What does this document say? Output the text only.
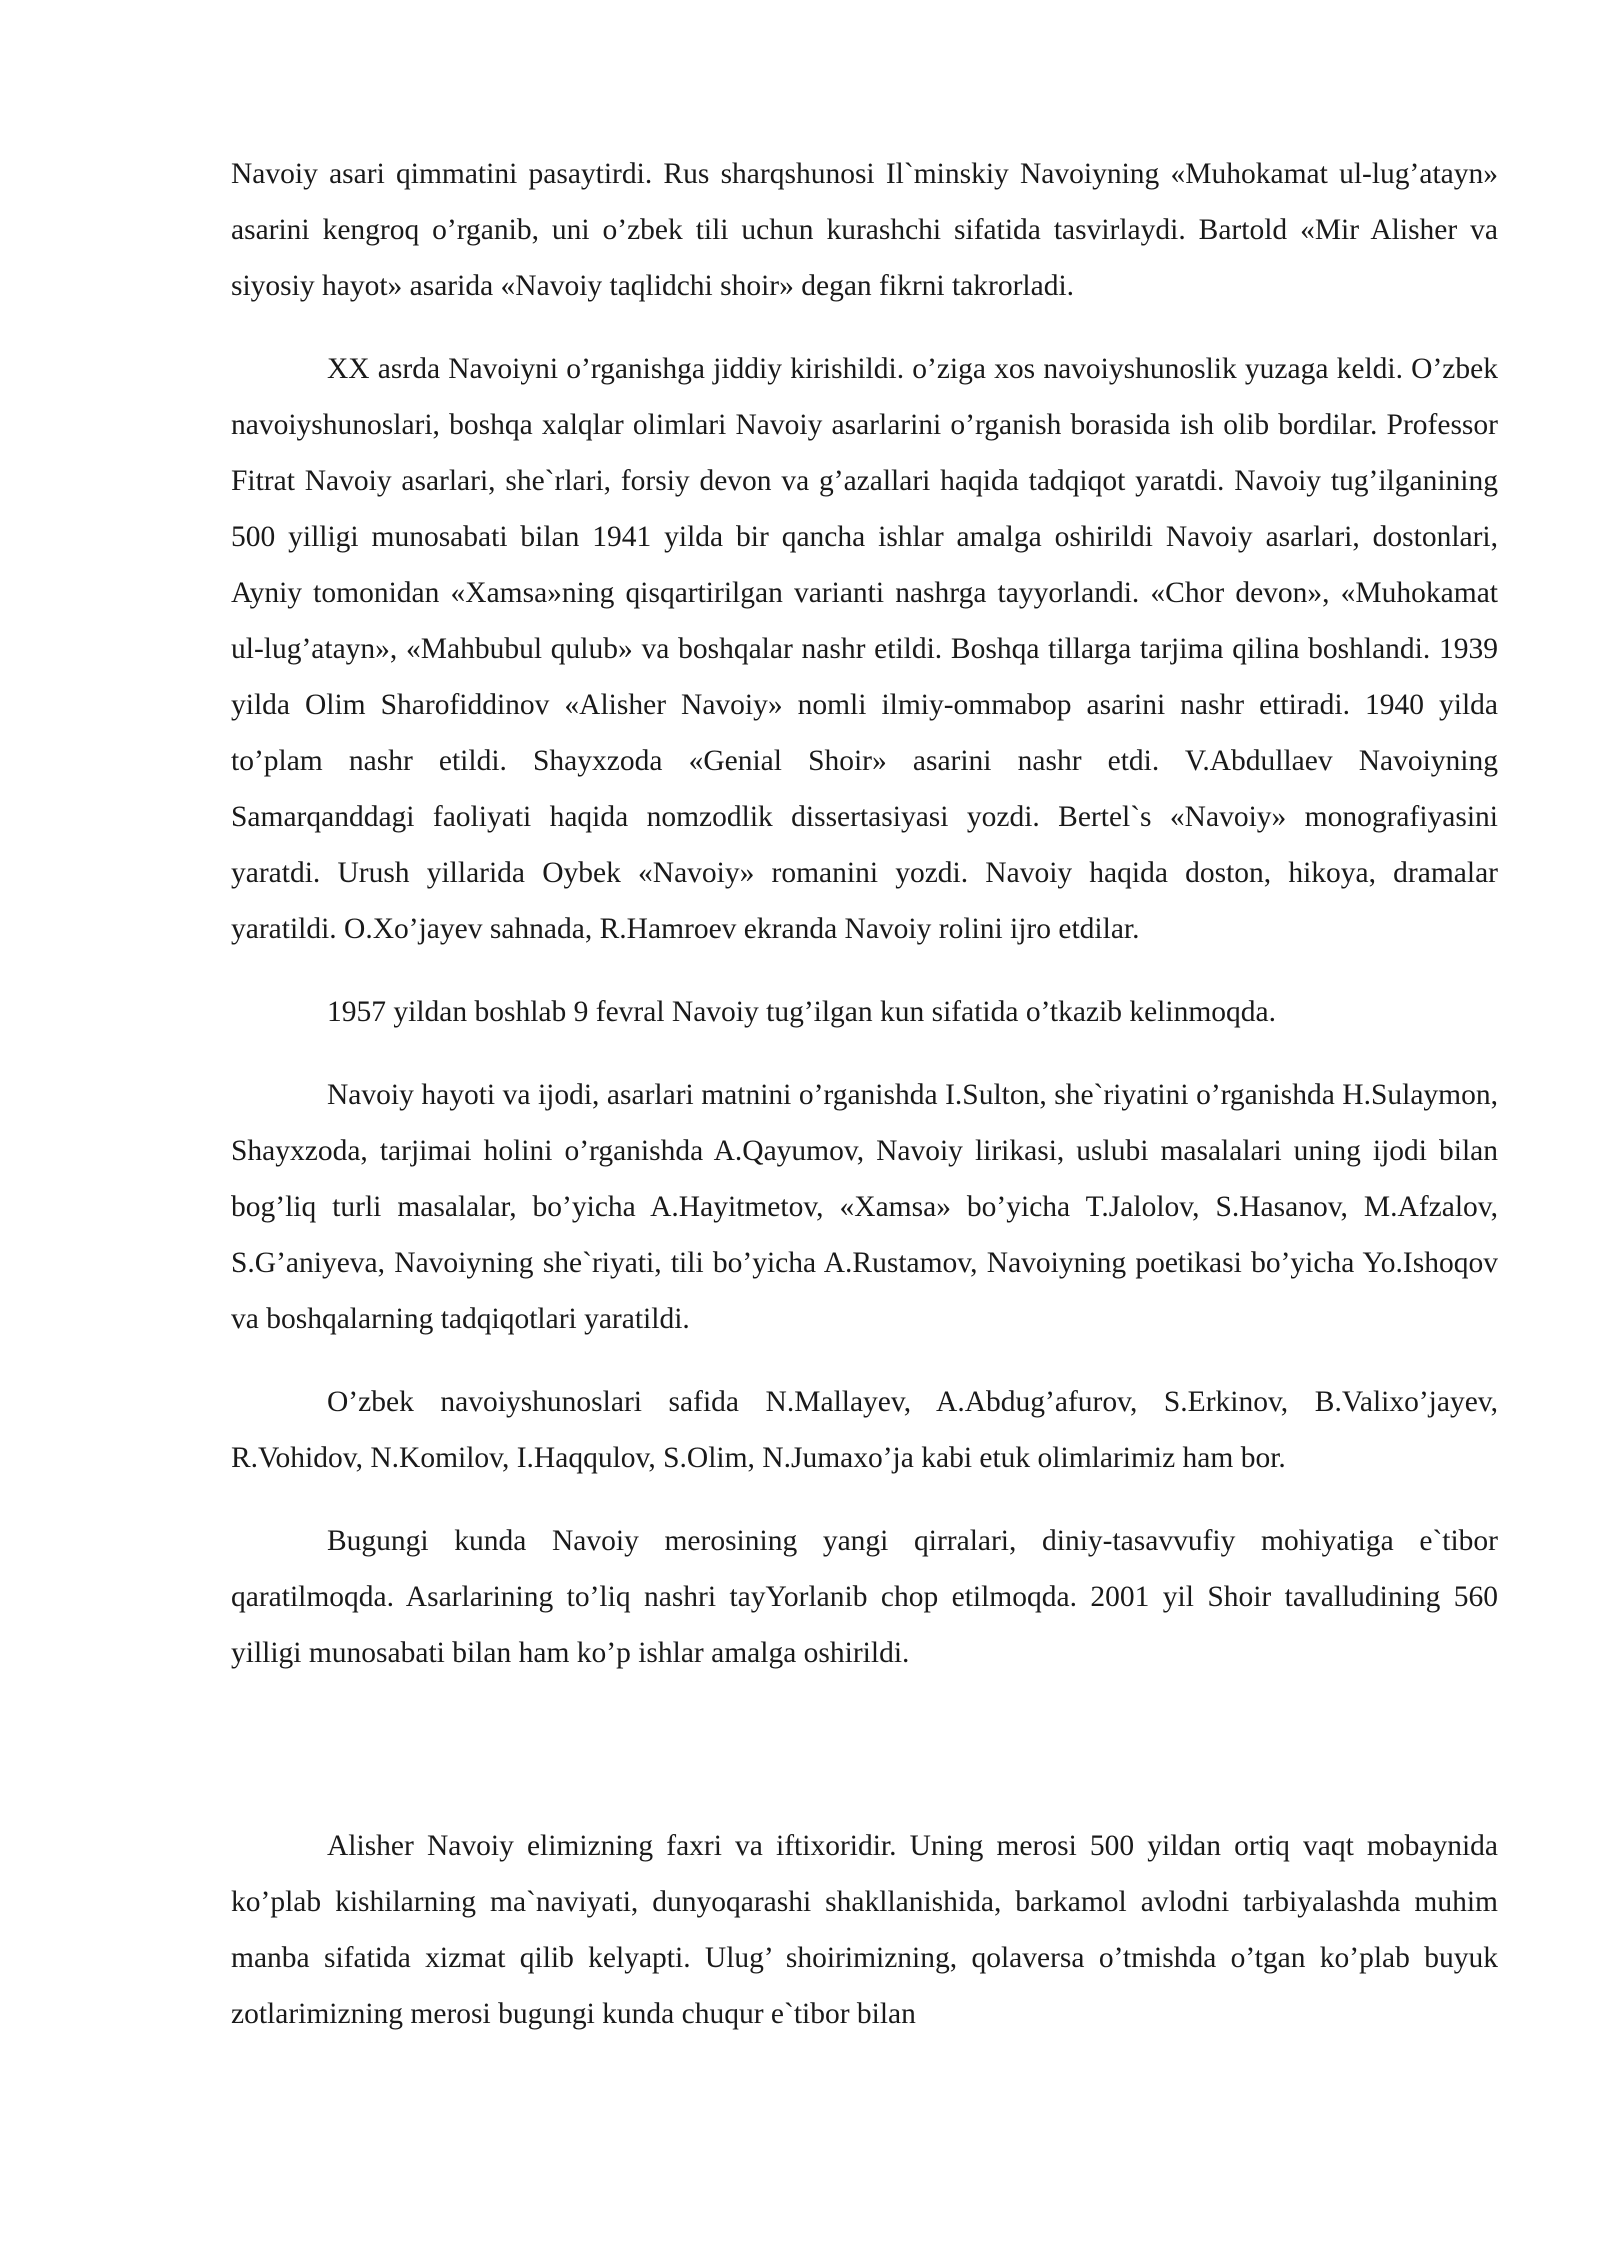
Navoiy asari qimmatini pasaytirdi. Rus sharqshunosi Il`minskiy Navoiyning «Muhokamat ul-lug’atayn» asarini kengroq o’rganib, uni o’zbek tili uchun kurashchi sifatida tasvirlaydi. Bartold «Mir Alisher va siyosiy hayot» asarida «Navoiy taqlidchi shoir» degan fikrni takrorladi.

XX asrda Navoiyni o’rganishga jiddiy kirishildi. o’ziga xos navoiyshunoslik yuzaga keldi. O’zbek navoiyshunoslari, boshqa xalqlar olimlari Navoiy asarlarini o’rganish borasida ish olib bordilar. Professor Fitrat Navoiy asarlari, she`rlari, forsiy devon va g’azallari haqida tadqiqot yaratdi. Navoiy tug’ilganining 500 yilligi munosabati bilan 1941 yilda bir qancha ishlar amalga oshirildi Navoiy asarlari, dostonlari, Ayniy tomonidan «Xamsa»ning qisqartirilgan varianti nashrga tayyorlandi. «Chor devon», «Muhokamat ul-lug’atayn», «Mahbubul qulub» va boshqalar nashr etildi. Boshqa tillarga tarjima qilina boshlandi. 1939 yilda Olim Sharofiddinov «Alisher Navoiy» nomli ilmiy-ommabop asarini nashr ettiradi. 1940 yilda to’plam nashr etildi. Shayxzoda «Genial Shoir» asarini nashr etdi. V.Abdullaev Navoiyning Samarqanddagi faoliyati haqida nomzodlik dissertasiyasi yozdi. Bertel`s «Navoiy» monografiyasini yaratdi. Urush yillarida Oybek «Navoiy» romanini yozdi. Navoiy haqida doston, hikoya, dramalar yaratildi. O.Xo’jayev sahnada, R.Hamroev ekranda Navoiy rolini ijro etdilar.

1957 yildan boshlab 9 fevral Navoiy tug’ilgan kun sifatida o’tkazib kelinmoqda.

Navoiy hayoti va ijodi, asarlari matnini o’rganishda I.Sulton, she`riyatini o’rganishda H.Sulaymon, Shayxzoda, tarjimai holini o’rganishda A.Qayumov, Navoiy lirikasi, uslubi masalalari uning ijodi bilan bog’liq turli masalalar, bo’yicha A.Hayitmetov, «Xamsa» bo’yicha T.Jalolov, S.Hasanov, M.Afzalov, S.G’aniyeva, Navoiyning she`riyati, tili bo’yicha A.Rustamov, Navoiyning poetikasi bo’yicha Yo.Ishoqov va boshqalarning tadqiqotlari yaratildi.

O’zbek navoiyshunoslari safida N.Mallayev, A.Abdug’afurov, S.Erkinov, B.Valixo’jayev, R.Vohidov, N.Komilov, I.Haqqulov, S.Olim, N.Jumaxo’ja kabi etuk olimlarimiz ham bor.

Bugungi kunda Navoiy merosining yangi qirralari, diniy-tasavvufiy mohiyatiga e`tibor qaratilmoqda. Asarlarining to’liq nashri tayYorlanib chop etilmoqda. 2001 yil Shoir tavalludining 560 yilligi munosabati bilan ham ko’p ishlar amalga oshirildi.

Alisher Navoiy elimizning faxri va iftixoridir. Uning merosi 500 yildan ortiq vaqt mobaynida ko’plab kishilarning ma`naviyati, dunyoqarashi shakllanishida, barkamol avlodni tarbiyalashda muhim manba sifatida xizmat qilib kelyapti. Ulug’ shoirimizning, qolaversa o’tmishda o’tgan ko’plab buyuk zotlarimizning merosi bugungi kunda chuqur e`tibor bilan
